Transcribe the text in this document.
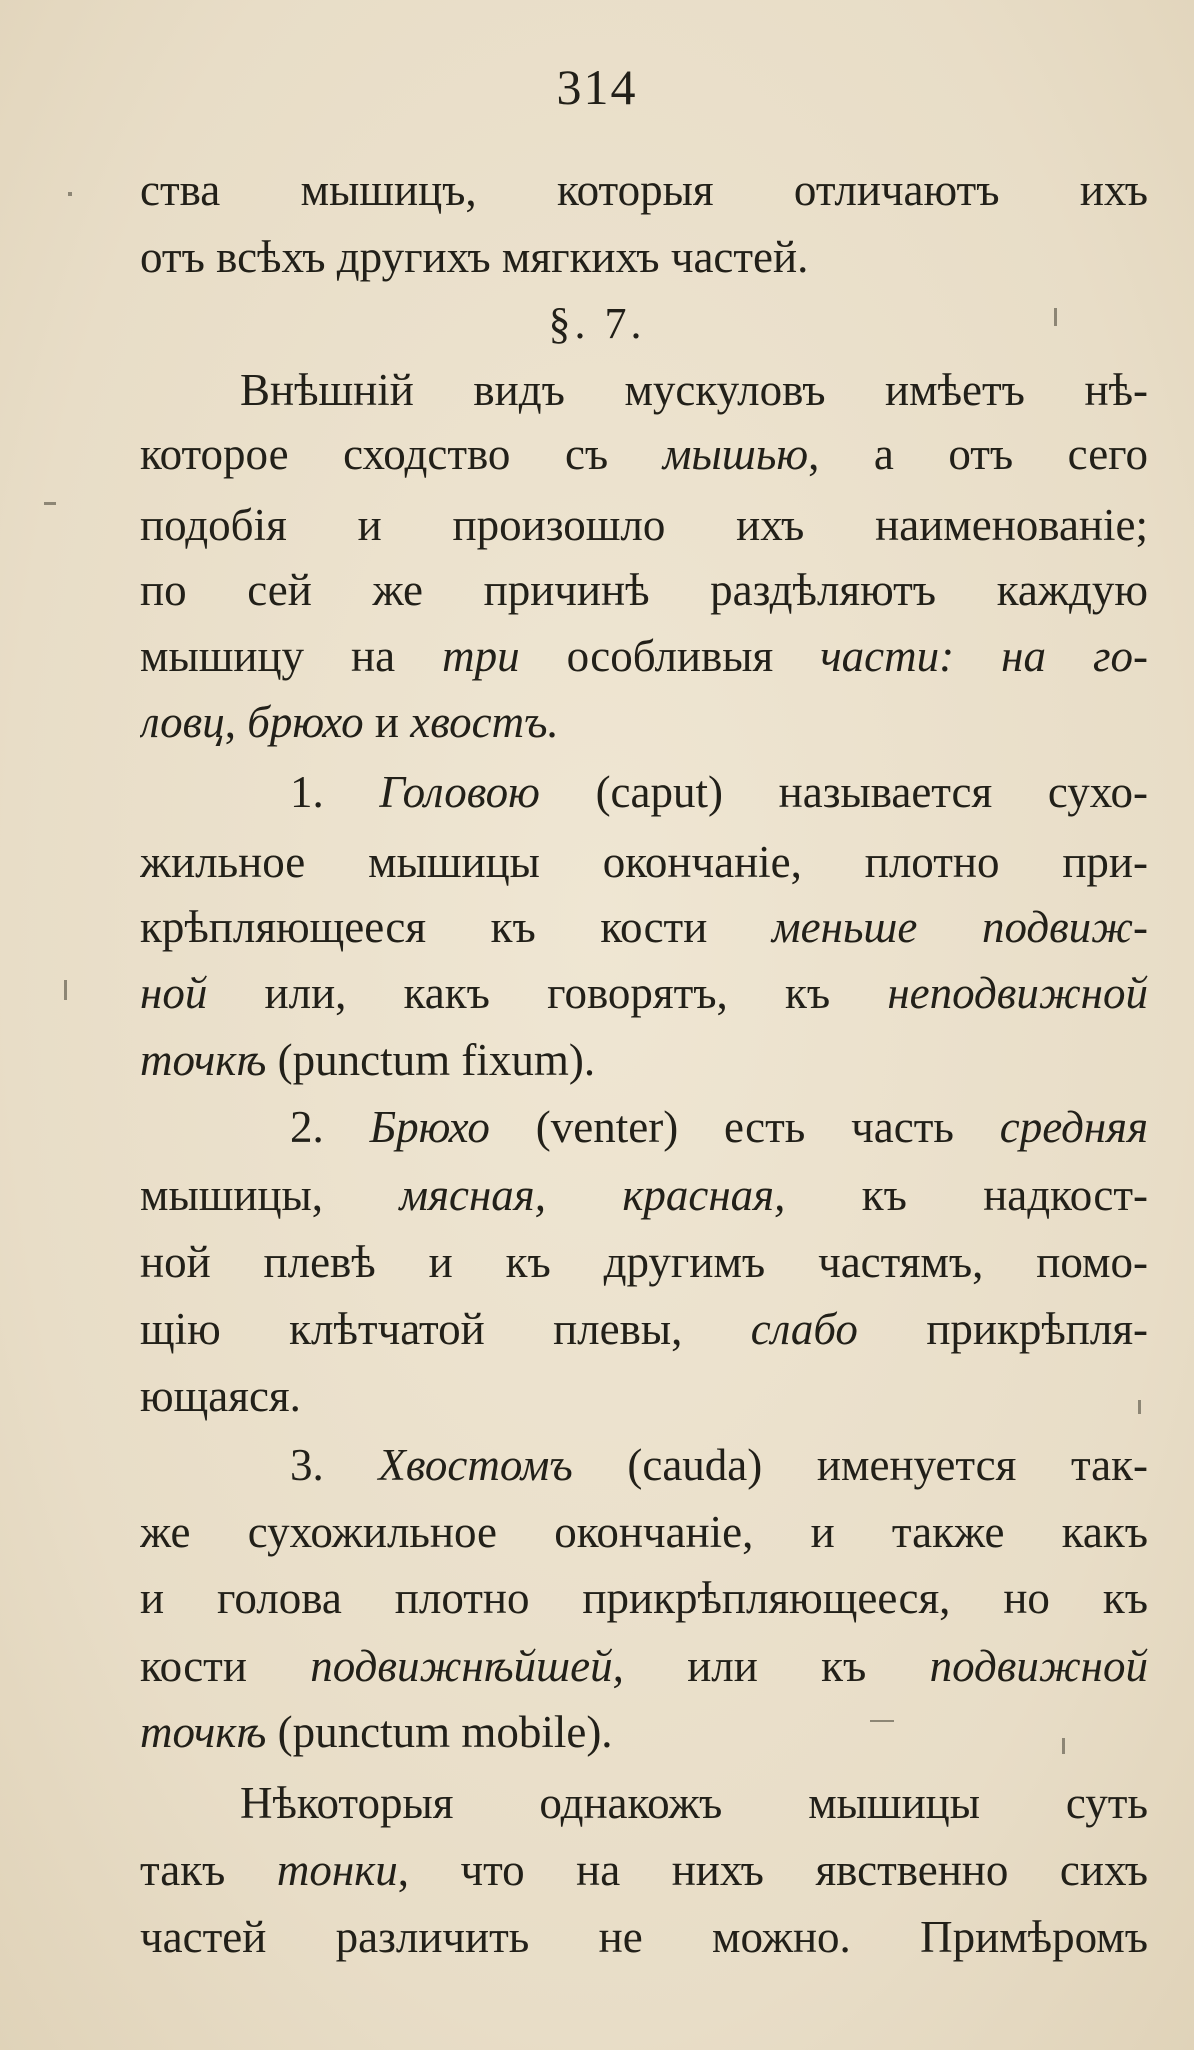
314
ства мышицъ, которыя отличаютъ ихъ
отъ всѣхъ другихъ мягкихъ частей.
§. 7.
Внѣшній видъ мускуловъ имѣетъ нѣ-
которое сходство съ мышью, а отъ сего
подобія и произошло ихъ наименованіе;
по сей же причинѣ раздѣляютъ каждую
мышицу на три особливыя части: на го-
ловц, брюхо и хвостъ.
1. Головою (caput) называется сухо-
жильное мышицы окончаніе, плотно при-
крѣпляющееся къ кости меньше подвиж-
ной или, какъ говорятъ, къ неподвижной
точкѣ (punctum fixum).
2. Брюхо (venter) есть часть средняя
мышицы, мясная, красная, къ надкост-
ной плевѣ и къ другимъ частямъ, помо-
щію клѣтчатой плевы, слабо прикрѣпля-
ющаяся.
3. Хвостомъ (cauda) именуется так-
же сухожильное окончаніе, и также какъ
и голова плотно прикрѣпляющееся, но къ
кости подвижнѣйшей, или къ подвижной
точкѣ (punctum mobile).
Нѣкоторыя однакожъ мышицы суть
такъ тонки, что на нихъ явственно сихъ
частей различить не можно. Примѣромъ
